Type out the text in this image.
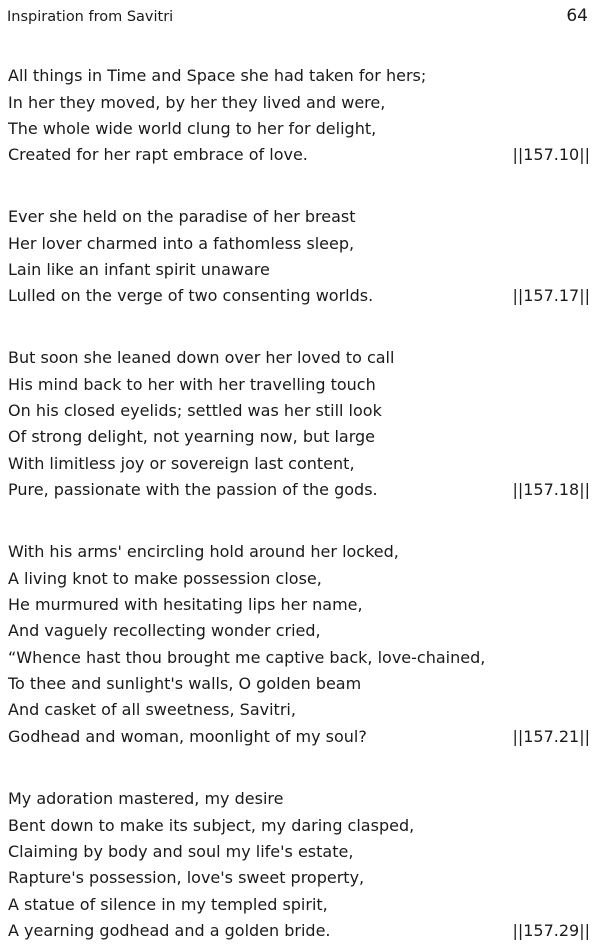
Inspiration from Savitri	64
All things in Time and Space she had taken for hers;
In her they moved, by her they lived and were,
The whole wide world clung to her for delight,
Created for her rapt embrace of love.	||157.10||
Ever she held on the paradise of her breast
Her lover charmed into a fathomless sleep,
Lain like an infant spirit unaware
Lulled on the verge of two consenting worlds.	||157.17||
But soon she leaned down over her loved to call
His mind back to her with her travelling touch
On his closed eyelids; settled was her still look
Of strong delight, not yearning now, but large
With limitless joy or sovereign last content,
Pure, passionate with the passion of the gods.	||157.18||
With his arms' encircling hold around her locked,
A living knot to make possession close,
He murmured with hesitating lips her name,
And vaguely recollecting wonder cried,
“Whence hast thou brought me captive back, love-chained,
To thee and sunlight's walls, O golden beam
And casket of all sweetness, Savitri,
Godhead and woman, moonlight of my soul?	||157.21||
My adoration mastered, my desire
Bent down to make its subject, my daring clasped,
Claiming by body and soul my life's estate,
Rapture's possession, love's sweet property,
A statue of silence in my templed spirit,
A yearning godhead and a golden bride.	||157.29||
